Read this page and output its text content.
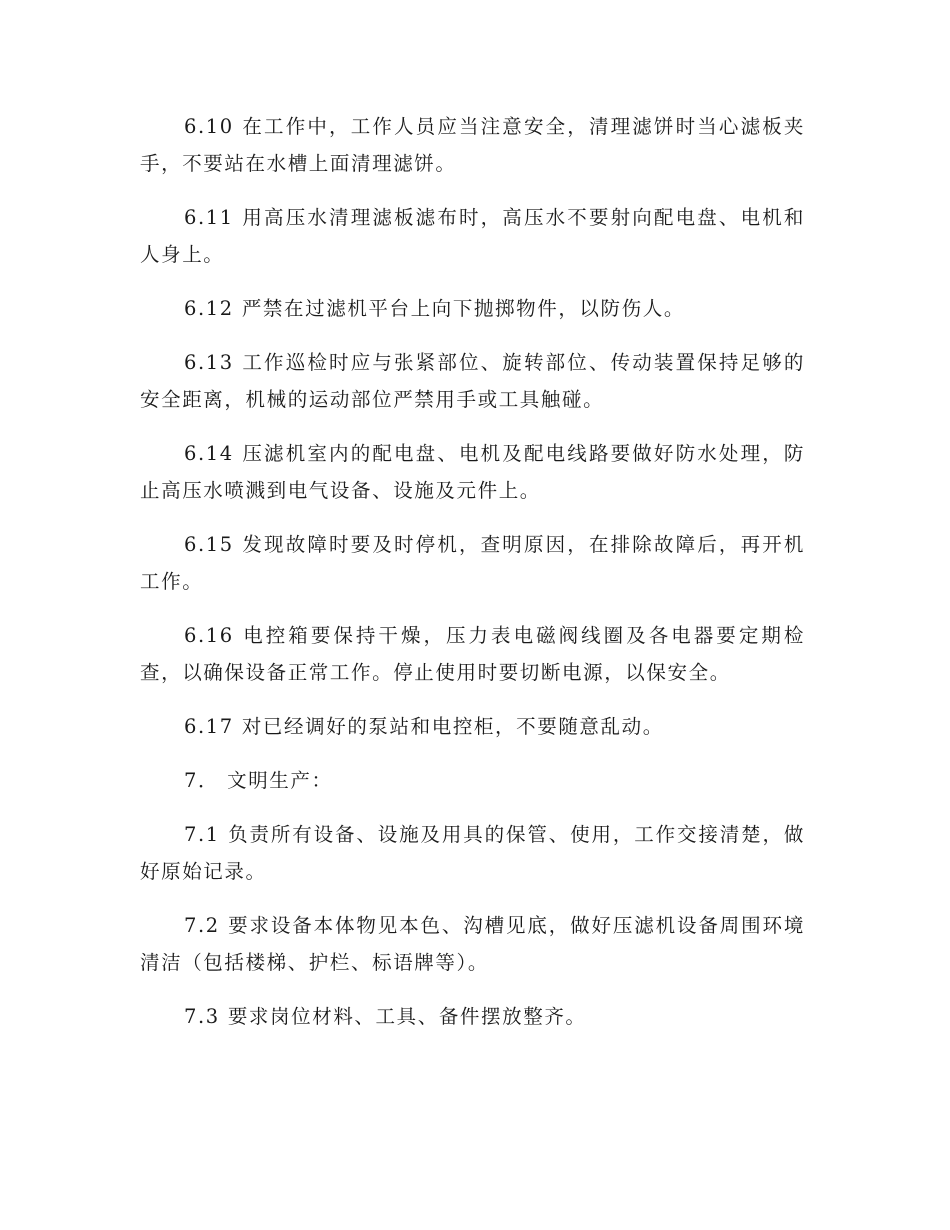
6.10 在工作中，工作人员应当注意安全，清理滤饼时当心滤板夹手，不要站在水槽上面清理滤饼。

6.11 用高压水清理滤板滤布时，高压水不要射向配电盘、电机和人身上。

6.12 严禁在过滤机平台上向下抛掷物件，以防伤人。

6.13 工作巡检时应与张紧部位、旋转部位、传动装置保持足够的安全距离，机械的运动部位严禁用手或工具触碰。

6.14 压滤机室内的配电盘、电机及配电线路要做好防水处理，防止高压水喷溅到电气设备、设施及元件上。

6.15 发现故障时要及时停机，查明原因，在排除故障后，再开机工作。

6.16 电控箱要保持干燥，压力表电磁阀线圈及各电器要定期检查，以确保设备正常工作。停止使用时要切断电源，以保安全。

6.17 对已经调好的泵站和电控柜，不要随意乱动。

7． 文明生产：

7.1 负责所有设备、设施及用具的保管、使用，工作交接清楚，做好原始记录。

7.2 要求设备本体物见本色、沟槽见底，做好压滤机设备周围环境清洁（包括楼梯、护栏、标语牌等）。

7.3 要求岗位材料、工具、备件摆放整齐。
